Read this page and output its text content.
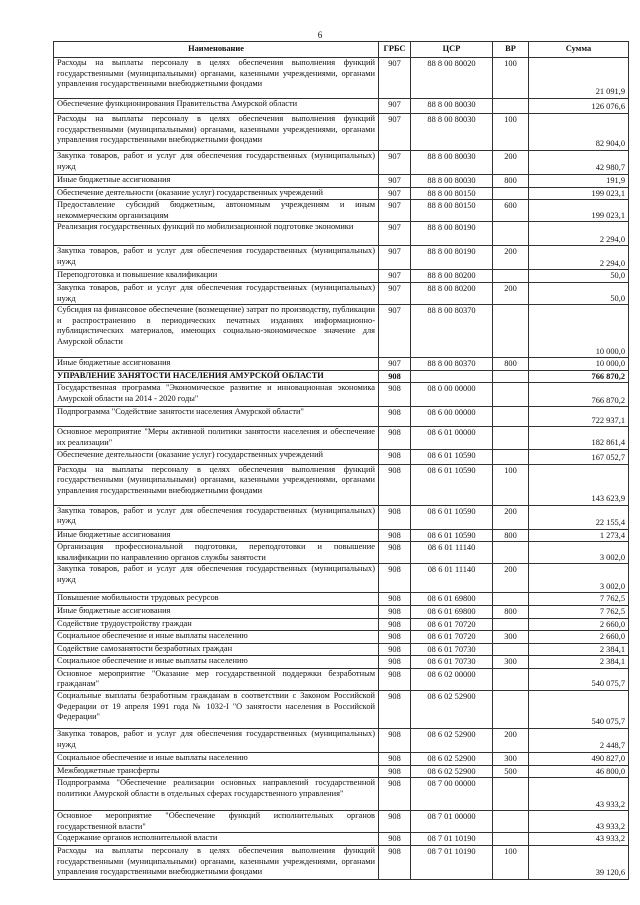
6
Наименование	ГРБС	ЦСР	ВР	Сумма
Расходы на выплаты персоналу в целях обеспечения выполнения функций государственными (муниципальными) органами, казенными учреждениями, органами управления государственными внебюджетными фондами	907	88 8 00 80020	100	21 091,9
Обеспечение функционирования Правительства Амурской области	907	88 8 00 80030		126 076,6
Расходы на выплаты персоналу в целях обеспечения выполнения функций государственными (муниципальными) органами, казенными учреждениями, органами управления государственными внебюджетными фондами	907	88 8 00 80030	100	82 904,0
Закупка товаров, работ и услуг для обеспечения государственных (муниципальных) нужд	907	88 8 00 80030	200	42 980,7
Иные бюджетные ассигнования	907	88 8 00 80030	800	191,9
Обеспечение деятельности (оказание услуг) государственных учреждений	907	88 8 00 80150		199 023,1
Предоставление субсидий бюджетным, автономным учреждениям и иным некоммерческим организациям	907	88 8 00 80150	600	199 023,1
Реализация государственных функций по мобилизационной подготовке экономики	907	88 8 00 80190		2 294,0
Закупка товаров, работ и услуг для обеспечения государственных (муниципальных) нужд	907	88 8 00 80190	200	2 294,0
Переподготовка и повышение квалификации	907	88 8 00 80200		50,0
Закупка товаров, работ и услуг для обеспечения государственных (муниципальных) нужд	907	88 8 00 80200	200	50,0
Субсидия на финансовое обеспечение (возмещение) затрат по производству, публикации и распространению в периодических печатных изданиях информационно-публицистических материалов, имеющих социально-экономическое значение для Амурской области	907	88 8 00 80370		10 000,0
Иные бюджетные ассигнования	907	88 8 00 80370	800	10 000,0
УПРАВЛЕНИЕ ЗАНЯТОСТИ НАСЕЛЕНИЯ АМУРСКОЙ ОБЛАСТИ	908			766 870,2
Государственная программа "Экономическое развитие и инновационная экономика Амурской области на 2014 - 2020 годы"	908	08 0 00 00000		766 870,2
Подпрограмма "Содействие занятости населения Амурской области"	908	08 6 00 00000		722 937,1
Основное мероприятие "Меры активной политики занятости населения и обеспечение их реализации"	908	08 6 01 00000		182 861,4
Обеспечение деятельности (оказание услуг) государственных учреждений	908	08 6 01 10590		167 052,7
Расходы на выплаты персоналу в целях обеспечения выполнения функций государственными (муниципальными) органами, казенными учреждениями, органами управления государственными внебюджетными фондами	908	08 6 01 10590	100	143 623,9
Закупка товаров, работ и услуг для обеспечения государственных (муниципальных) нужд	908	08 6 01 10590	200	22 155,4
Иные бюджетные ассигнования	908	08 6 01 10590	800	1 273,4
Организация профессиональной подготовки, переподготовки и повышение квалификации по направлению органов службы занятости	908	08 6 01 11140		3 002,0
Закупка товаров, работ и услуг для обеспечения государственных (муниципальных) нужд	908	08 6 01 11140	200	3 002,0
Повышение мобильности трудовых ресурсов	908	08 6 01 69800		7 762,5
Иные бюджетные ассигнования	908	08 6 01 69800	800	7 762,5
Содействие трудоустройству граждан	908	08 6 01 70720		2 660,0
Социальное обеспечение и иные выплаты населению	908	08 6 01 70720	300	2 660,0
Содействие самозанятости безработных граждан	908	08 6 01 70730		2 384,1
Социальное обеспечение и иные выплаты населению	908	08 6 01 70730	300	2 384,1
Основное мероприятие "Оказание мер государственной поддержки безработным гражданам"	908	08 6 02 00000		540 075,7
Социальные выплаты безработным гражданам в соответствии с Законом Российской Федерации от 19 апреля 1991 года № 1032-I "О занятости населения в Российской Федерации"	908	08 6 02 52900		540 075,7
Закупка товаров, работ и услуг для обеспечения государственных (муниципальных) нужд	908	08 6 02 52900	200	2 448,7
Социальное обеспечение и иные выплаты населению	908	08 6 02 52900	300	490 827,0
Межбюджетные трансферты	908	08 6 02 52900	500	46 800,0
Подпрограмма "Обеспечение реализации основных направлений государственной политики Амурской области в отдельных сферах государственного управления"	908	08 7 00 00000		43 933,2
Основное мероприятие "Обеспечение функций исполнительных органов государственной власти"	908	08 7 01 00000		43 933,2
Содержание органов исполнительной власти	908	08 7 01 10190		43 933,2
Расходы на выплаты персоналу в целях обеспечения выполнения функций государственными (муниципальными) органами, казенными учреждениями, органами управления государственными внебюджетными фондами	908	08 7 01 10190	100	39 120,6
